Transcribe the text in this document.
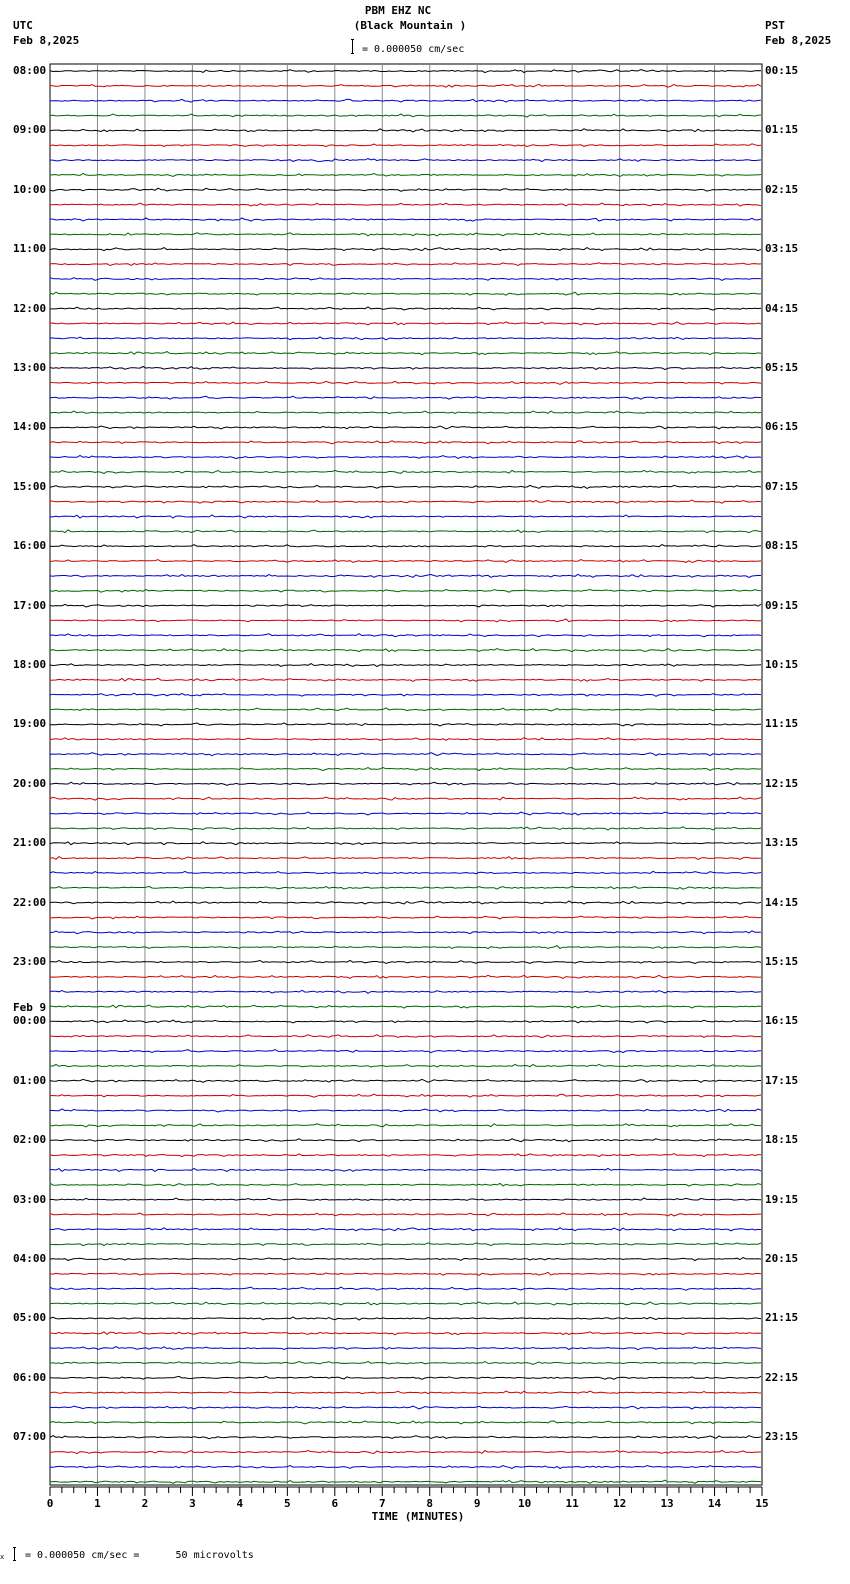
PBM EHZ NC
(Black Mountain )
= 0.000050 cm/sec
UTC
Feb 8,2025
PST
Feb 8,2025
0	1	2	3	4	5	6	7	8	9	10	11	12	13	14	15
08:00
09:00
10:00
11:00
12:00
13:00
14:00
15:00
16:00
17:00
18:00
19:00
20:00
21:00
22:00
23:00
00:00
01:00
02:00
03:00
04:00
05:00
06:00
07:00
00:15
01:15
02:15
03:15
04:15
05:15
06:15
07:15
08:15
09:15
10:15
11:15
12:15
13:15
14:15
15:15
16:15
17:15
18:15
19:15
20:15
21:15
22:15
23:15
Feb 9
TIME (MINUTES)
x = 0.000050 cm/sec =      50 microvolts
